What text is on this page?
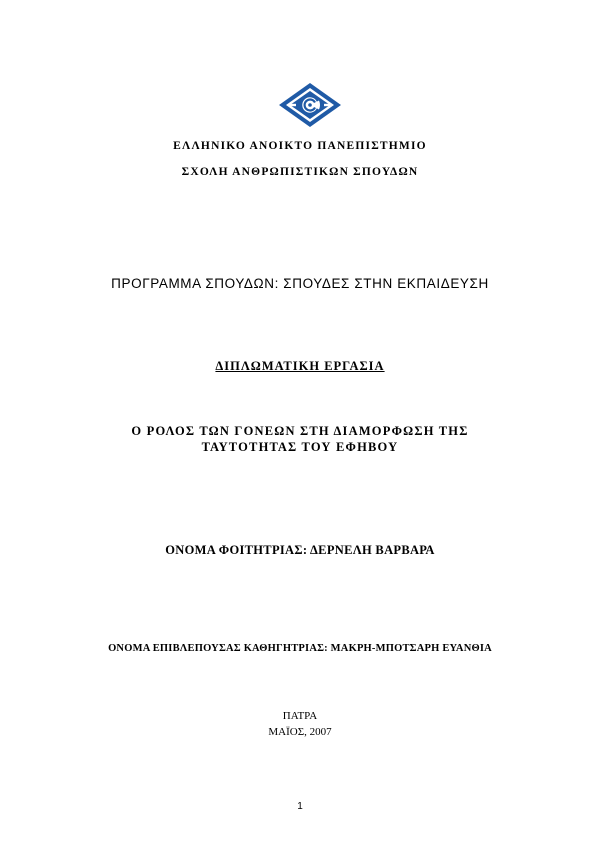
ΕΛΛΗΝΙΚΟ ΑΝΟΙΚΤΟ ΠΑΝΕΠΙΣΤΗΜΙΟ
ΣΧΟΛΗ ΑΝΘΡΩΠΙΣΤΙΚΩΝ ΣΠΟΥΔΩΝ
ΠΡΟΓΡΑΜΜΑ ΣΠΟΥΔΩΝ: ΣΠΟΥΔΕΣ ΣΤΗΝ ΕΚΠΑΙΔΕΥΣΗ
ΔΙΠΛΩΜΑΤΙΚΗ ΕΡΓΑΣΙΑ
Ο ΡΟΛΟΣ ΤΩΝ ΓΟΝΕΩΝ ΣΤΗ ΔΙΑΜΟΡΦΩΣΗ ΤΗΣ
ΤΑΥΤΟΤΗΤΑΣ ΤΟΥ ΕΦΗΒΟΥ
ΟΝΟΜΑ ΦΟΙΤΗΤΡΙΑΣ: ΔΕΡΝΕΛΗ ΒΑΡΒΑΡΑ
ΟΝΟΜΑ ΕΠΙΒΛΕΠΟΥΣΑΣ ΚΑΘΗΓΗΤΡΙΑΣ: ΜΑΚΡΗ-ΜΠΟΤΣΑΡΗ ΕΥΑΝΘΙΑ
ΠΑΤΡΑ
ΜΑΪΟΣ, 2007
1
